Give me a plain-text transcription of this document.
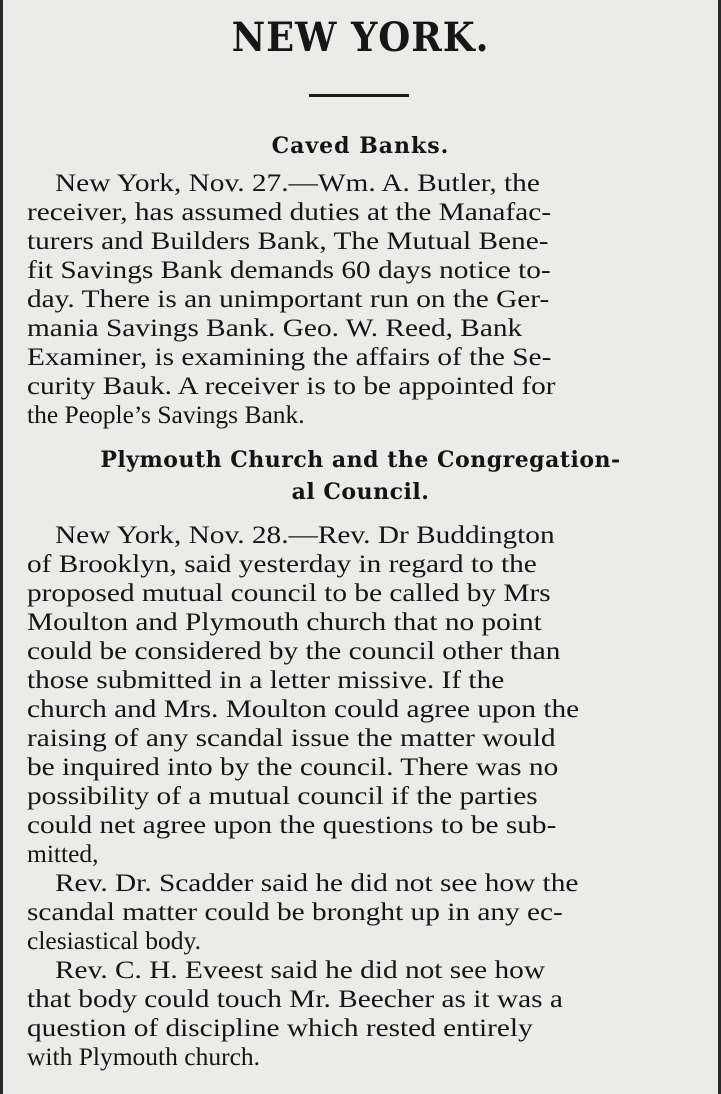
NEW YORK.
Caved Banks.
New York, Nov. 27.—Wm. A. Butler, the
receiver, has assumed duties at the Manafac-
turers and Builders Bank, The Mutual Bene-
fit Savings Bank demands 60 days notice to-
day. There is an unimportant run on the Ger-
mania Savings Bank. Geo. W. Reed, Bank
Examiner, is examining the affairs of the Se-
curity Bauk. A receiver is to be appointed for
the People’s Savings Bank.
Plymouth Church and the Congregation-
al Council.
New York, Nov. 28.—Rev. Dr Buddington
of Brooklyn, said yesterday in regard to the
proposed mutual council to be called by Mrs
Moulton and Plymouth church that no point
could be considered by the council other than
those submitted in a letter missive. If the
church and Mrs. Moulton could agree upon the
raising of any scandal issue the matter would
be inquired into by the council. There was no
possibility of a mutual council if the parties
could net agree upon the questions to be sub-
mitted,
Rev. Dr. Scadder said he did not see how the
scandal matter could be bronght up in any ec-
clesiastical body.
Rev. C. H. Eveest said he did not see how
that body could touch Mr. Beecher as it was a
question of discipline which rested entirely
with Plymouth church.
